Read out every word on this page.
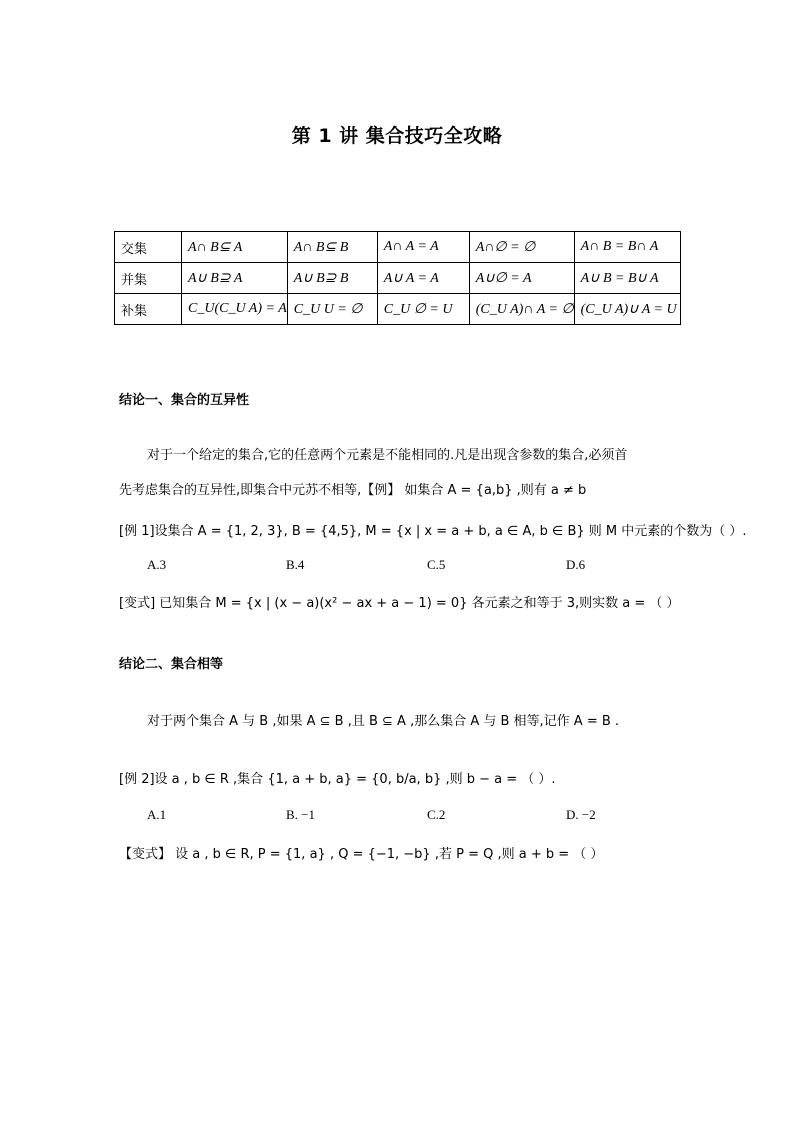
第 1 讲 集合技巧全攻略
交集	A∩ B⊆ A	A∩ B⊆ B	A∩ A = A	A∩∅ = ∅	A∩ B = B∩ A
并集	A∪ B⊇ A	A∪ B⊇ B	A∪ A = A	A∪∅ = A	A∪ B = B∪ A
补集	C_U(C_U A) = A	C_U U = ∅	C_U ∅ = U	(C_U A)∩ A = ∅	(C_U A)∪ A = U
结论一、集合的互异性
对于一个给定的集合,它的任意两个元素是不能相同的.凡是出现含参数的集合,必须首
先考虑集合的互异性,即集合中元苏不相等,【例】 如集合 A = {a,b} ,则有 a ≠ b
[例 1]设集合 A = {1, 2, 3}, B = {4,5}, M = {x | x = a + b, a ∈ A, b ∈ B} 则 M 中元素的个数为（ ）.
A.3	B.4	C.5	D.6
[变式] 已知集合 M = {x | (x − a)(x² − ax + a − 1) = 0} 各元素之和等于 3,则实数 a = （ ）
结论二、集合相等
对于两个集合 A 与 B ,如果 A ⊆ B ,且 B ⊆ A ,那么集合 A 与 B 相等,记作 A = B .
[例 2]设 a , b ∈ R ,集合 {1, a + b, a} = {0, b/a, b} ,则 b − a = （ ）.
A.1	B. −1	C.2	D. −2
【变式】 设 a , b ∈ R, P = {1, a} , Q = {−1, −b} ,若 P = Q ,则 a + b = （ ）
